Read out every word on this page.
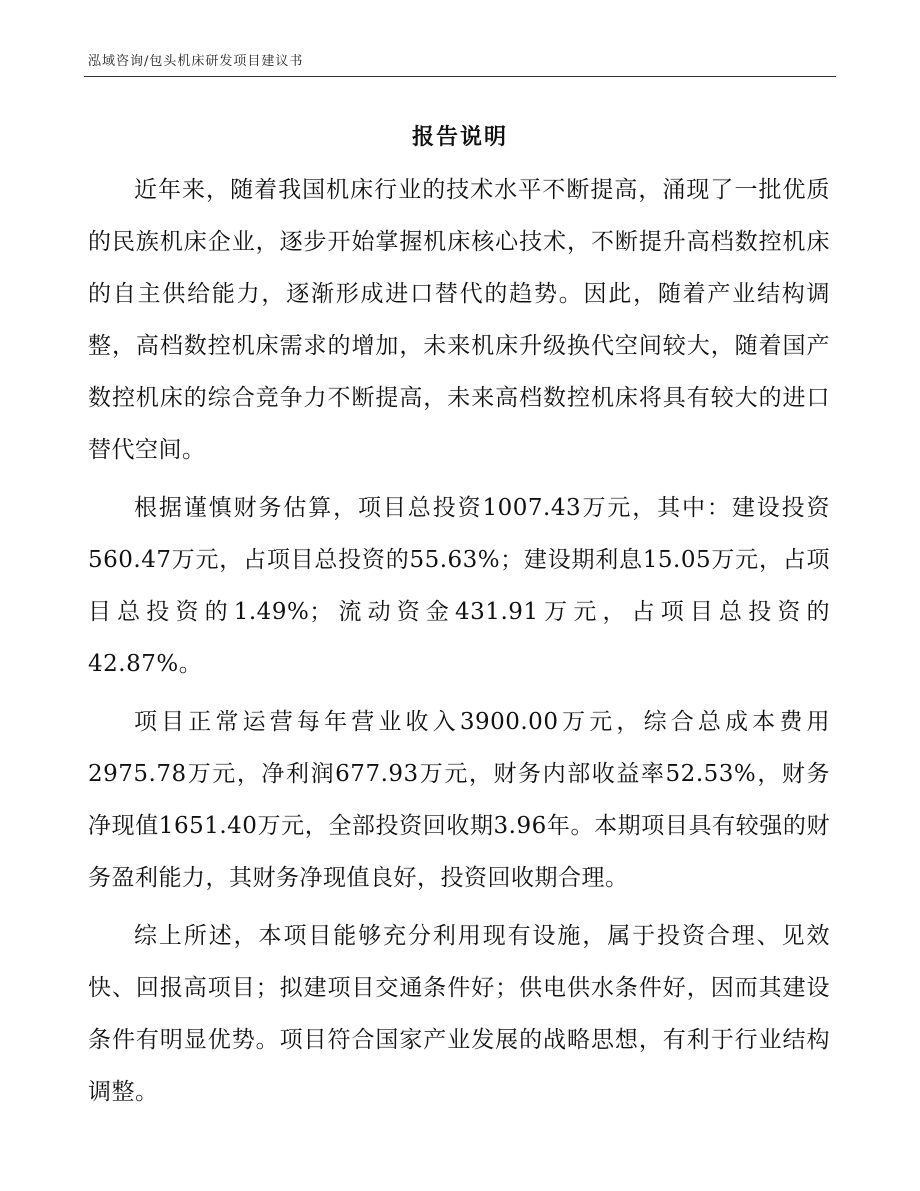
泓域咨询/包头机床研发项目建议书
报告说明

近年来，随着我国机床行业的技术水平不断提高，涌现了一批优质的民族机床企业，逐步开始掌握机床核心技术，不断提升高档数控机床的自主供给能力，逐渐形成进口替代的趋势。因此，随着产业结构调整，高档数控机床需求的增加，未来机床升级换代空间较大，随着国产数控机床的综合竞争力不断提高，未来高档数控机床将具有较大的进口替代空间。

根据谨慎财务估算，项目总投资1007.43万元，其中：建设投资560.47万元，占项目总投资的55.63%；建设期利息15.05万元，占项目总投资的1.49%；流动资金431.91万元，占项目总投资的42.87%。

项目正常运营每年营业收入3900.00万元，综合总成本费用2975.78万元，净利润677.93万元，财务内部收益率52.53%，财务净现值1651.40万元，全部投资回收期3.96年。本期项目具有较强的财务盈利能力，其财务净现值良好，投资回收期合理。

综上所述，本项目能够充分利用现有设施，属于投资合理、见效快、回报高项目；拟建项目交通条件好；供电供水条件好，因而其建设条件有明显优势。项目符合国家产业发展的战略思想，有利于行业结构调整。
